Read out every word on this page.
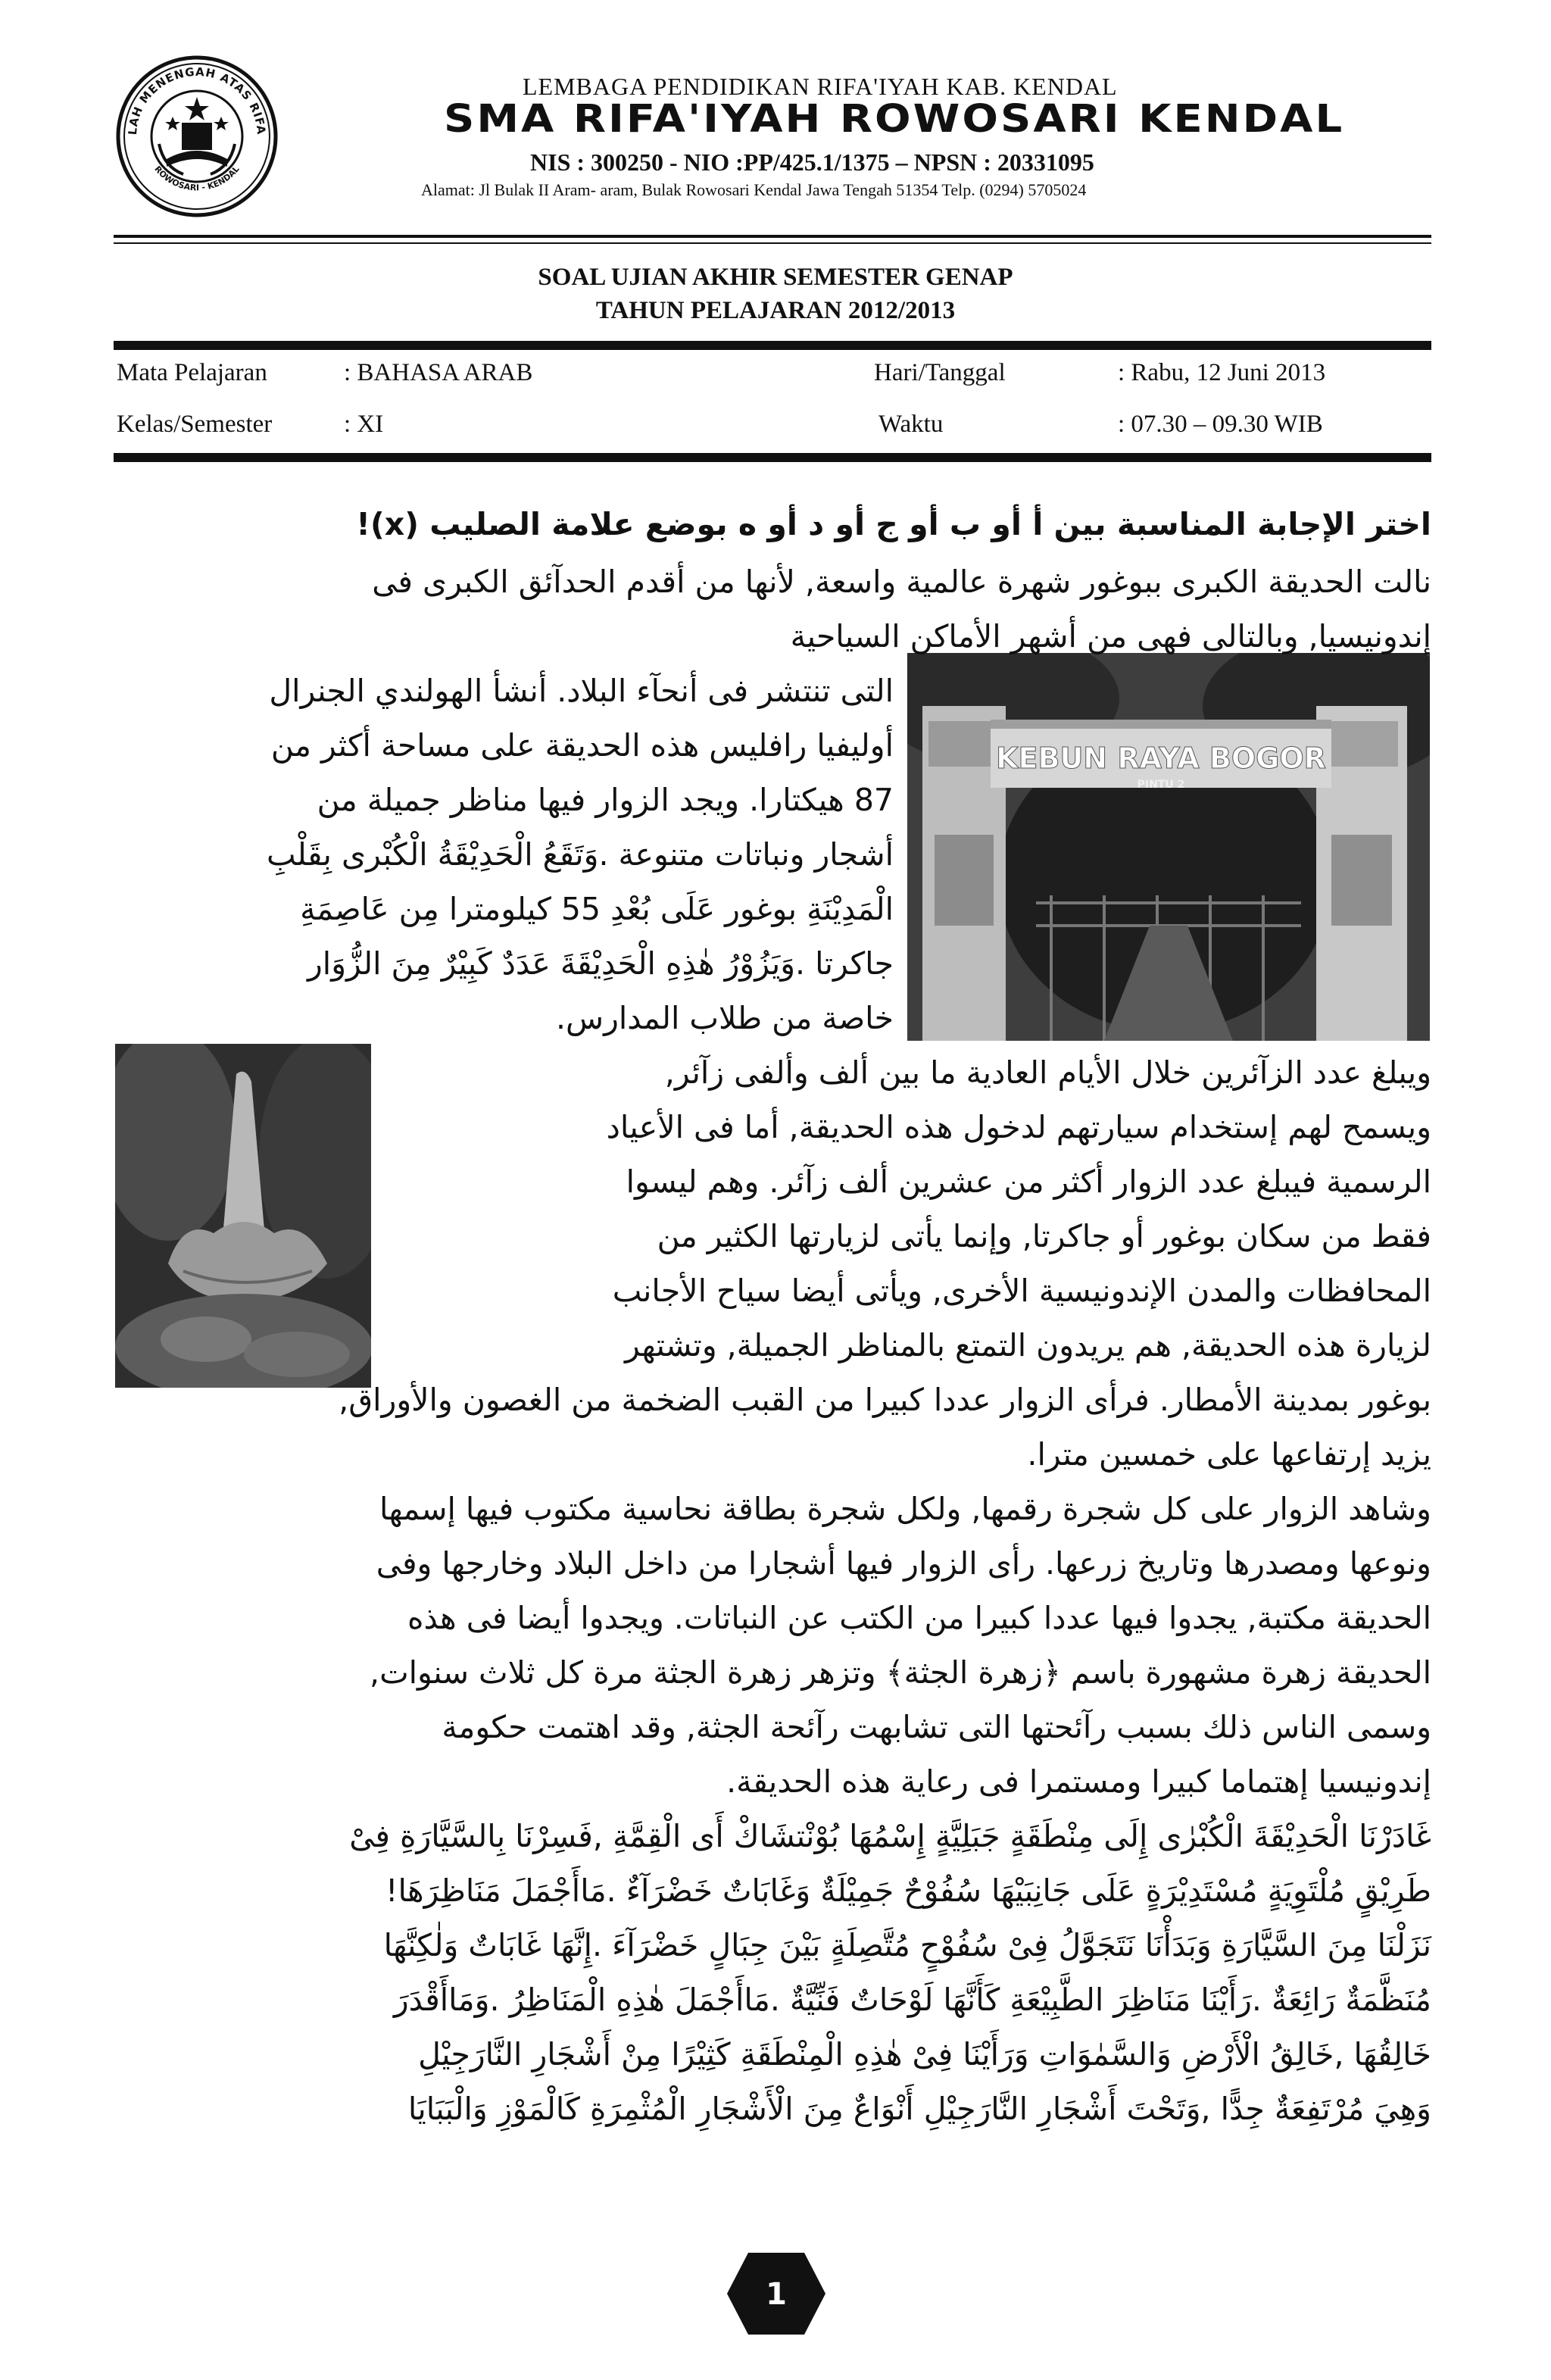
LAH MENENGAH ATAS RIFA
ROWOSARI - KENDAL
LEMBAGA PENDIDIKAN RIFA'IYAH KAB. KENDAL
SMA RIFA'IYAH ROWOSARI KENDAL
NIS : 300250 - NIO :PP/425.1/1375 – NPSN : 20331095
Alamat: Jl Bulak II Aram- aram, Bulak Rowosari Kendal Jawa Tengah 51354 Telp. (0294) 5705024
SOAL UJIAN AKHIR SEMESTER GENAP
TAHUN PELAJARAN 2012/2013
Mata Pelajaran	: BAHASA ARAB	Hari/Tanggal	: Rabu, 12 Juni 2013
Kelas/Semester	: XI	Waktu	: 07.30 – 09.30 WIB
اختر الإجابة المناسبة بين أ أو ب أو ج أو د أو ه بوضع علامة الصليب (x)!
KEBUN RAYA BOGOR
PINTU 2
نالت الحديقة الكبرى ببوغور شهرة عالمية واسعة, لأنها من أقدم الحدآئق الكبرى فى
إندونيسيا, وبالتالى فهى من أشهر الأماكن السياحية
التى تنتشر فى أنحآء البلاد. أنشأ الهولندي الجنرال
أوليفيا رافليس هذه الحديقة على مساحة أكثر من
87 هيكتارا. ويجد الزوار فيها مناظر جميلة من
أشجار ونباتات متنوعة .وَتَقَعُ الْحَدِيْقَةُ الْكُبْرى بِقَلْبِ
الْمَدِيْنَةِ بوغور عَلَى بُعْدِ 55 كيلومترا مِن عَاصِمَةِ
جاكرتا .وَيَزُوْرُ هٰذِهِ الْحَدِيْقَةَ عَدَدٌ كَبِيْرٌ مِنَ الزُّوَار
خاصة من طلاب المدارس.
ويبلغ عدد الزآئرين خلال الأيام العادية ما بين ألف وألفى زآئر,
ويسمح لهم إستخدام سيارتهم لدخول هذه الحديقة, أما فى الأعياد
الرسمية فيبلغ عدد الزوار أكثر من عشرين ألف زآئر. وهم ليسوا
فقط من سكان بوغور أو جاكرتا, وإنما يأتى لزيارتها الكثير من
المحافظات والمدن الإندونيسية الأخرى, ويأتى أيضا سياح الأجانب
لزيارة هذه الحديقة, هم يريدون التمتع بالمناظر الجميلة, وتشتهر
بوغور بمدينة الأمطار. فرأى الزوار عددا كبيرا من القبب الضخمة من الغصون والأوراق,
يزيد إرتفاعها على خمسين مترا.
وشاهد الزوار على كل شجرة رقمها, ولكل شجرة بطاقة نحاسية مكتوب فيها إسمها
ونوعها ومصدرها وتاريخ زرعها. رأى الزوار فيها أشجارا من داخل البلاد وخارجها وفى
الحديقة مكتبة, يجدوا فيها عددا كبيرا من الكتب عن النباتات. ويجدوا أيضا فى هذه
الحديقة زهرة مشهورة باسم ﴿زهرة الجثة﴾ وتزهر زهرة الجثة مرة كل ثلاث سنوات,
وسمى الناس ذلك بسبب رآئحتها التى تشابهت رآئحة الجثة, وقد اهتمت حكومة
إندونيسيا إهتماما كبيرا ومستمرا فى رعاية هذه الحديقة.
غَادَرْنَا الْحَدِيْقَةَ الْكُبْرٰى إِلَى مِنْطَقَةٍ جَبَلِيَّةٍ إِسْمُهَا بُوْنْتشَاكْ أَى الْقِمَّةِ ,فَسِرْنَا بِالسَّيَّارَةِ فِىْ
طَرِيْقٍ مُلْتَوِيَةٍ مُسْتَدِيْرَةٍ عَلَى جَانِبَيْهَا سُفُوْحٌ جَمِيْلَةٌ وَغَابَاتٌ خَضْرَآءٌ .مَاأَجْمَلَ مَنَاظِرَهَا!
نَزَلْنَا مِنَ السَّيَّارَةِ وَبَدَأْنَا نَتَجَوَّلُ فِىْ سُفُوْحٍ مُتَّصِلَةٍ بَيْنَ جِبَالٍ خَضْرَآءَ .إِنَّهَا غَابَاتٌ وَلٰكِنَّهَا
مُنَظَّمَةٌ رَائِعَةٌ .رَأَيْنَا مَنَاظِرَ الطَّبِيْعَةِ كَأَنَّهَا لَوْحَاتٌ فَنِّيَّةٌ .مَاأَجْمَلَ هٰذِهِ الْمَنَاظِرُ .وَمَاأَقْدَرَ
خَالِقُهَا ,خَالِقُ الْأَرْضِ وَالسَّمٰوَاتِ وَرَأَيْنَا فِىْ هٰذِهِ الْمِنْطَقَةِ كَثِيْرًا مِنْ أَشْجَارِ النَّارَجِيْلِ
وَهِيَ مُرْتَفِعَةٌ جِدًّا ,وَتَحْتَ أَشْجَارِ النَّارَجِيْلِ أَنْوَاعٌ مِنَ الْأَشْجَارِ الْمُثْمِرَةِ كَالْمَوْزِ وَالْبَبَايَا
1
